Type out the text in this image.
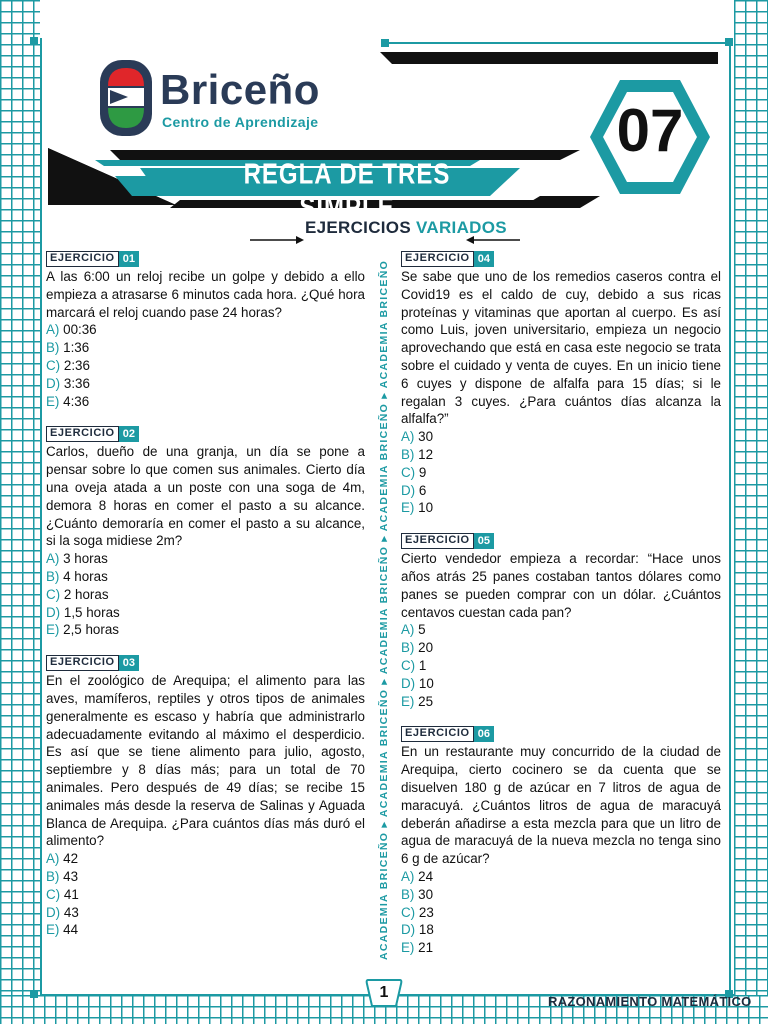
Briceño
Centro de Aprendizaje
REGLA DE TRES SIMPLE
07
EJERCICIOS VARIADOS
ACADEMIA BRICEÑO ▸ ACADEMIA BRICEÑO ▸ ACADEMIA BRICEÑO ▸ ACADEMIA BRICEÑO ▸ ACADEMIA BRICEÑO
EJERCICIO 01
A las 6:00 un reloj recibe un golpe y debido a ello empieza a atrasarse 6 minutos cada hora. ¿Qué hora marcará el reloj cuando pase 24 horas?
A) 00:36
B) 1:36
C) 2:36
D) 3:36
E) 4:36
EJERCICIO 02
Carlos, dueño de una granja, un día se pone a pensar sobre lo que comen sus animales. Cierto día una oveja atada a un poste con una soga de 4m, demora 8 horas en comer el pasto a su alcance. ¿Cuánto demoraría en comer el pasto a su alcance, si la soga midiese 2m?
A) 3 horas
B) 4 horas
C) 2 horas
D) 1,5 horas
E) 2,5 horas
EJERCICIO 03
En el zoológico de Arequipa; el alimento para las aves, mamíferos, reptiles y otros tipos de animales generalmente es escaso y habría que administrarlo adecuadamente evitando al máximo el desperdicio. Es así que se tiene alimento para julio, agosto, septiembre y 8 días más; para un total de 70 animales. Pero después de 49 días; se recibe 15 animales más desde la reserva de Salinas y Aguada Blanca de Arequipa. ¿Para cuántos días más duró el alimento?
A) 42
B) 43
C) 41
D) 43
E) 44
EJERCICIO 04
Se sabe que uno de los remedios caseros contra el Covid19 es el caldo de cuy, debido a sus ricas proteínas y vitaminas que aportan al cuerpo. Es así como Luis, joven universitario, empieza un negocio aprovechando que está en casa este negocio se trata sobre el cuidado y venta de cuyes. En un inicio tiene 6 cuyes y dispone de alfalfa para 15 días; si le regalan 3 cuyes. ¿Para cuántos días alcanza la alfalfa?”
A) 30
B) 12
C) 9
D) 6
E) 10
EJERCICIO 05
Cierto vendedor empieza a recordar: “Hace unos años atrás 25 panes costaban tantos dólares como panes se pueden comprar con un dólar. ¿Cuántos centavos cuestan cada pan?
A) 5
B) 20
C) 1
D) 10
E) 25
EJERCICIO 06
En un restaurante muy concurrido de la ciudad de Arequipa, cierto cocinero se da cuenta que se disuelven 180 g de azúcar en 7 litros de agua de maracuyá. ¿Cuántos litros de agua de maracuyá deberán añadirse a esta mezcla para que un litro de agua de maracuyá de la nueva mezcla no tenga sino 6 g de azúcar?
A) 24
B) 30
C) 23
D) 18
E) 21
1
RAZONAMIENTO MATEMÁTICO
